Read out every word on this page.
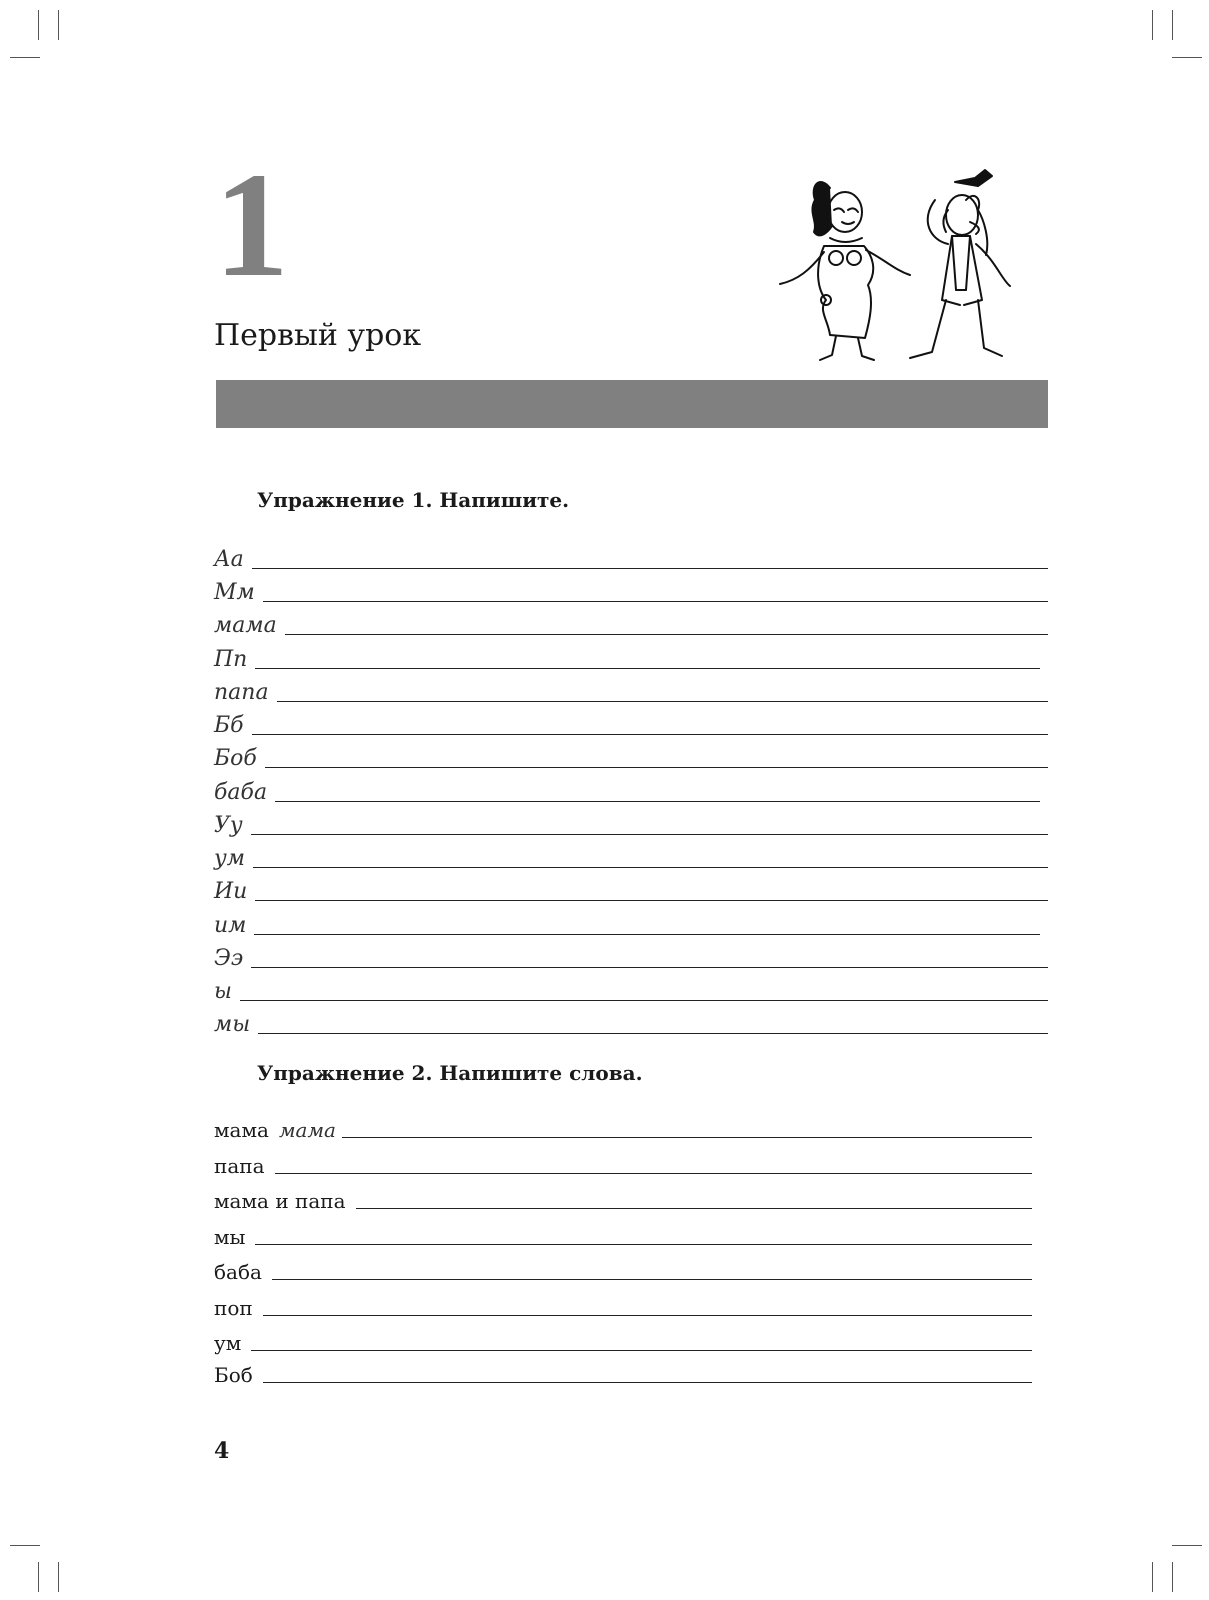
1
Первый урок
Упражнение 1. Напишите.
Аа
Мм
мама
Пп
папа
Бб
Боб
баба
Уу
ум
Ии
им
Ээ
ы
мы
Упражнение 2. Напишите слова.
мама мама
папа
мама и папа
мы
баба
поп
ум
Боб
4
